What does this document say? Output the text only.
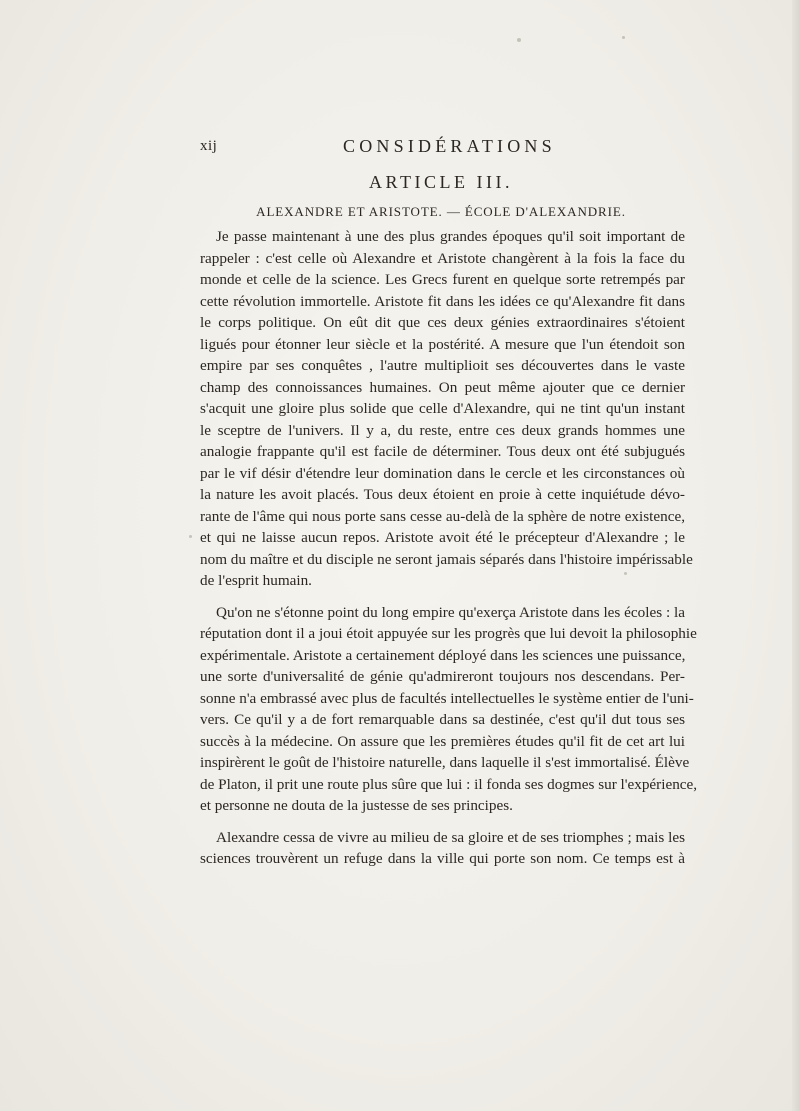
xij	CONSIDÉRATIONS
ARTICLE III.
ALEXANDRE ET ARISTOTE. — ÉCOLE D'ALEXANDRIE.

Je passe maintenant à une des plus grandes époques qu'il soit important de
rappeler : c'est celle où Alexandre et Aristote changèrent à la fois la face du
monde et celle de la science. Les Grecs furent en quelque sorte retrempés par
cette révolution immortelle. Aristote fit dans les idées ce qu'Alexandre fit dans
le corps politique. On eût dit que ces deux génies extraordinaires s'étoient
ligués pour étonner leur siècle et la postérité. A mesure que l'un étendoit son
empire par ses conquêtes , l'autre multiplioit ses découvertes dans le vaste
champ des connoissances humaines. On peut même ajouter que ce dernier
s'acquit une gloire plus solide que celle d'Alexandre, qui ne tint qu'un instant
le sceptre de l'univers. Il y a, du reste, entre ces deux grands hommes une
analogie frappante qu'il est facile de déterminer. Tous deux ont été subjugués
par le vif désir d'étendre leur domination dans le cercle et les circonstances où
la nature les avoit placés. Tous deux étoient en proie à cette inquiétude dévo-
rante de l'âme qui nous porte sans cesse au-delà de la sphère de notre existence,
et qui ne laisse aucun repos. Aristote avoit été le précepteur d'Alexandre ; le
nom du maître et du disciple ne seront jamais séparés dans l'histoire impérissable
de l'esprit humain.

Qu'on ne s'étonne point du long empire qu'exerça Aristote dans les écoles : la
réputation dont il a joui étoit appuyée sur les progrès que lui devoit la philosophie
expérimentale. Aristote a certainement déployé dans les sciences une puissance,
une sorte d'universalité de génie qu'admireront toujours nos descendans. Per-
sonne n'a embrassé avec plus de facultés intellectuelles le système entier de l'uni-
vers. Ce qu'il y a de fort remarquable dans sa destinée, c'est qu'il dut tous ses
succès à la médecine. On assure que les premières études qu'il fit de cet art lui
inspirèrent le goût de l'histoire naturelle, dans laquelle il s'est immortalisé. Élève
de Platon, il prit une route plus sûre que lui : il fonda ses dogmes sur l'expérience,
et personne ne douta de la justesse de ses principes.

Alexandre cessa de vivre au milieu de sa gloire et de ses triomphes ; mais les
sciences trouvèrent un refuge dans la ville qui porte son nom. Ce temps est à
